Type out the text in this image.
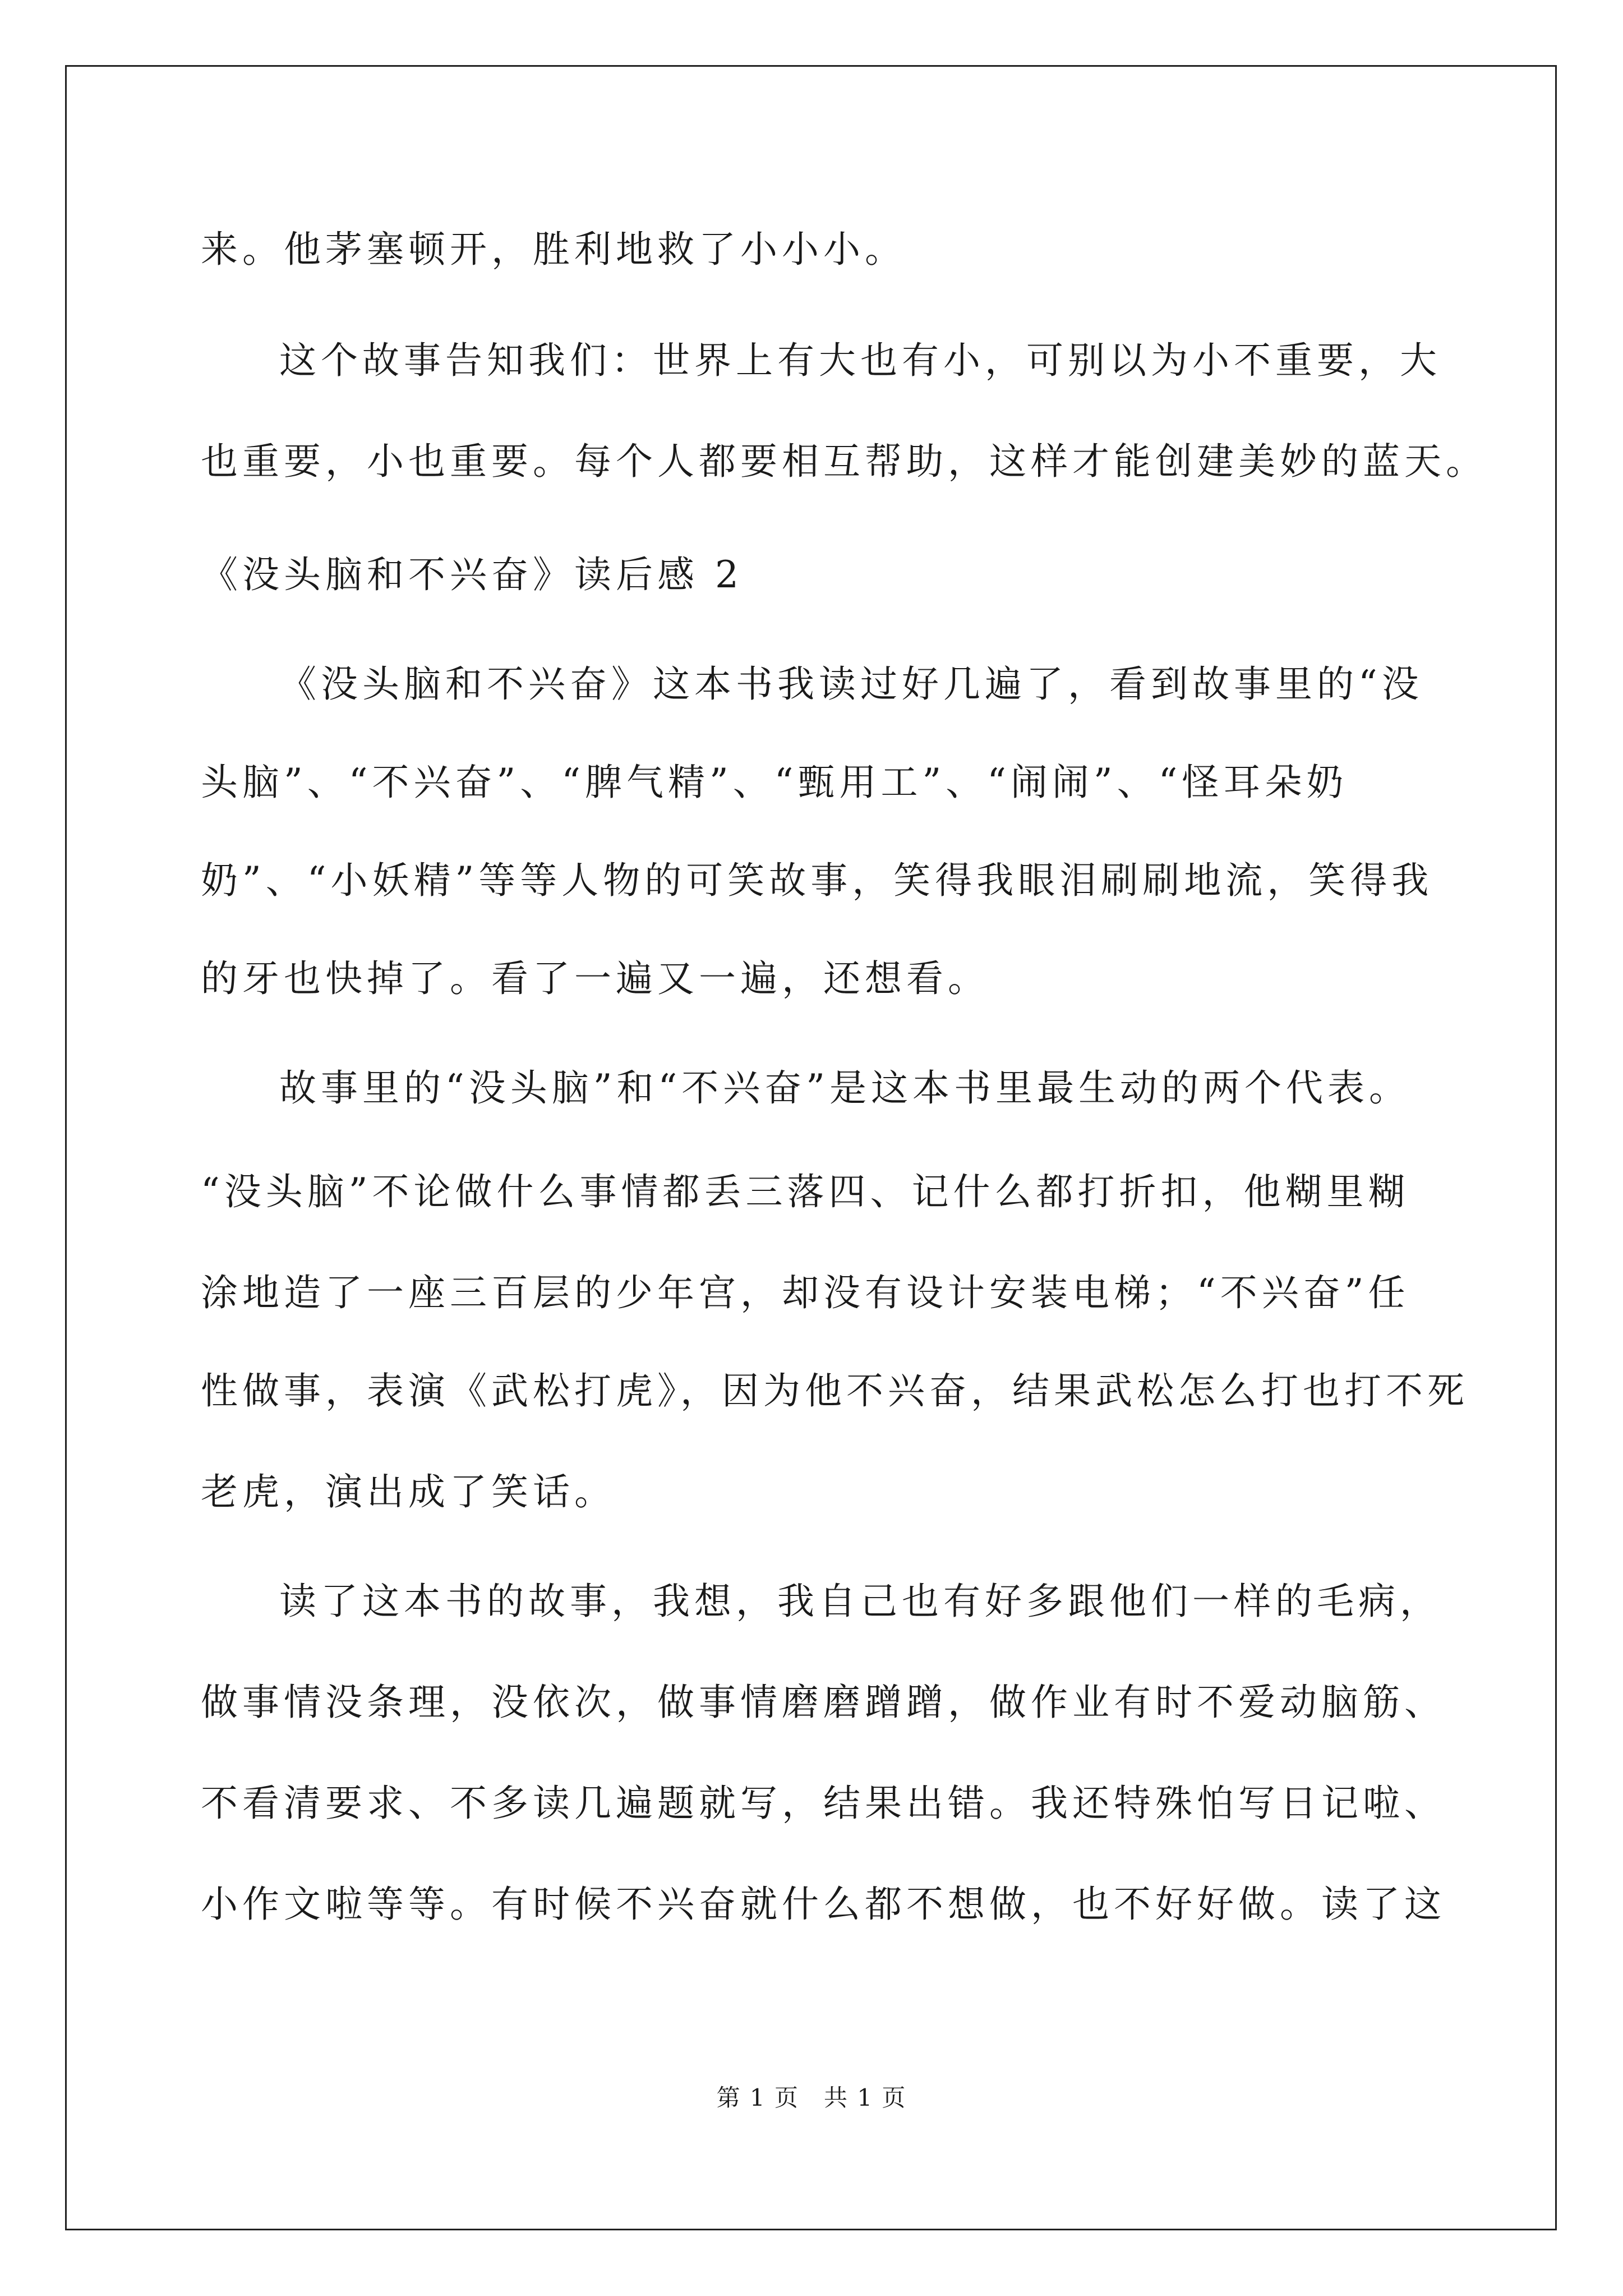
来。他茅塞顿开，胜利地救了小小小。
这个故事告知我们：世界上有大也有小，可别以为小不重要，大
也重要，小也重要。每个人都要相互帮助，这样才能创建美妙的蓝天。
《没头脑和不兴奋》读后感 2
《没头脑和不兴奋》这本书我读过好几遍了，看到故事里的“没
头脑”、“不兴奋”、“脾气精”、“甄用工”、“闹闹”、“怪耳朵奶
奶”、“小妖精”等等人物的可笑故事，笑得我眼泪刷刷地流，笑得我
的牙也快掉了。看了一遍又一遍，还想看。
故事里的“没头脑”和“不兴奋”是这本书里最生动的两个代表。
“没头脑”不论做什么事情都丢三落四、记什么都打折扣，他糊里糊
涂地造了一座三百层的少年宫，却没有设计安装电梯；“不兴奋”任
性做事，表演《武松打虎》，因为他不兴奋，结果武松怎么打也打不死
老虎，演出成了笑话。
读了这本书的故事，我想，我自己也有好多跟他们一样的毛病，
做事情没条理，没依次，做事情磨磨蹭蹭，做作业有时不爱动脑筋、
不看清要求、不多读几遍题就写，结果出错。我还特殊怕写日记啦、
小作文啦等等。有时候不兴奋就什么都不想做，也不好好做。读了这
第 1 页　共 1 页
